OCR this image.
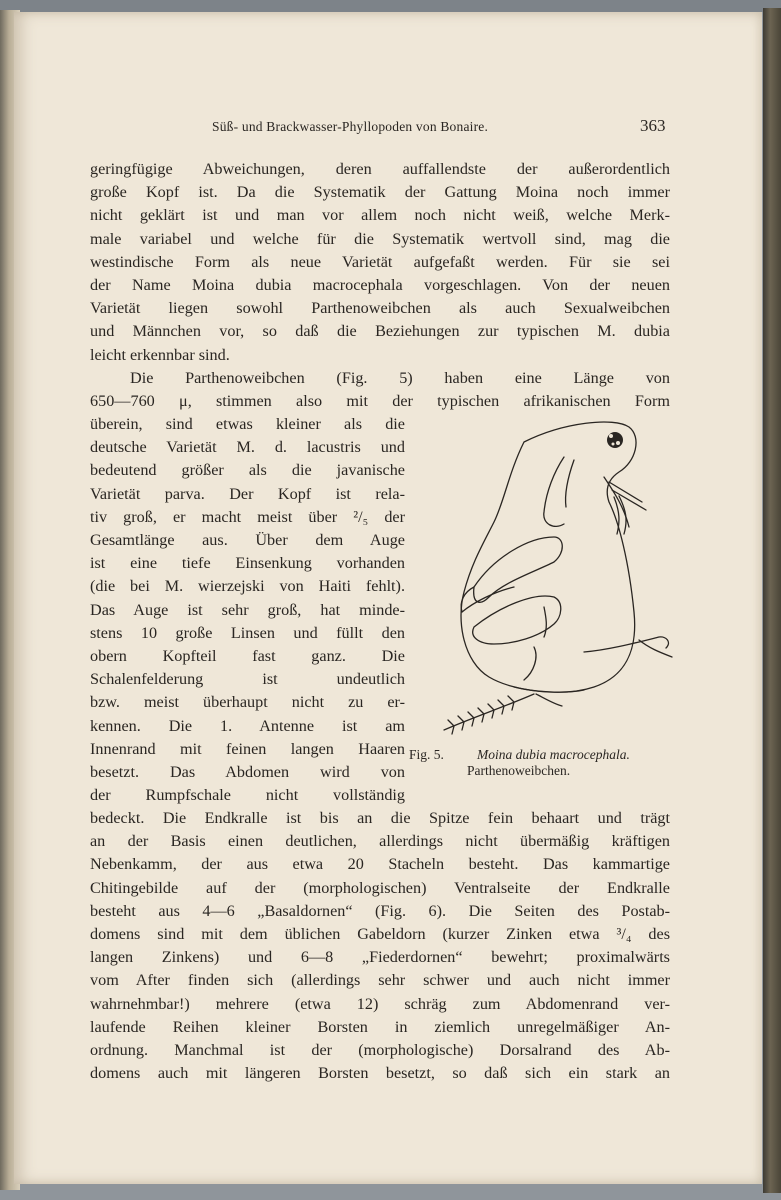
Süß- und Brackwasser-Phyllopoden von Bonaire.	363
geringfügige Abweichungen, deren auffallendste der außerordentlich
große Kopf ist. Da die Systematik der Gattung Moina noch immer
nicht geklärt ist und man vor allem noch nicht weiß, welche Merk-
male variabel und welche für die Systematik wertvoll sind, mag die
westindische Form als neue Varietät aufgefaßt werden. Für sie sei
der Name Moina dubia macrocephala vorgeschlagen. Von der neuen
Varietät liegen sowohl Parthenoweibchen als auch Sexualweibchen
und Männchen vor, so daß die Beziehungen zur typischen M. dubia
leicht erkennbar sind.
Die Parthenoweibchen (Fig. 5) haben eine Länge von
650—760 μ, stimmen also mit der typischen afrikanischen Form
überein, sind etwas kleiner als die
deutsche Varietät M. d. lacustris und
bedeutend größer als die javanische
Varietät parva. Der Kopf ist rela-
tiv groß, er macht meist über ²/₅ der
Gesamtlänge aus. Über dem Auge
ist eine tiefe Einsenkung vorhanden
(die bei M. wierzejski von Haiti fehlt).
Das Auge ist sehr groß, hat minde-
stens 10 große Linsen und füllt den
obern Kopfteil fast ganz. Die
Schalenfelderung ist undeutlich
bzw. meist überhaupt nicht zu er-
kennen. Die 1. Antenne ist am
Innenrand mit feinen langen Haaren
besetzt. Das Abdomen wird von
der Rumpfschale nicht vollständig
Fig. 5. Moina dubia macrocephala.
Parthenoweibchen.
bedeckt. Die Endkralle ist bis an die Spitze fein behaart und trägt
an der Basis einen deutlichen, allerdings nicht übermäßig kräftigen
Nebenkamm, der aus etwa 20 Stacheln besteht. Das kammartige
Chitingebilde auf der (morphologischen) Ventralseite der Endkralle
besteht aus 4—6 „Basaldornen“ (Fig. 6). Die Seiten des Postab-
domens sind mit dem üblichen Gabeldorn (kurzer Zinken etwa ³/₄ des
langen Zinkens) und 6—8 „Fiederdornen“ bewehrt; proximalwärts
vom After finden sich (allerdings sehr schwer und auch nicht immer
wahrnehmbar!) mehrere (etwa 12) schräg zum Abdomenrand ver-
laufende Reihen kleiner Borsten in ziemlich unregelmäßiger An-
ordnung. Manchmal ist der (morphologische) Dorsalrand des Ab-
domens auch mit längeren Borsten besetzt, so daß sich ein stark an
